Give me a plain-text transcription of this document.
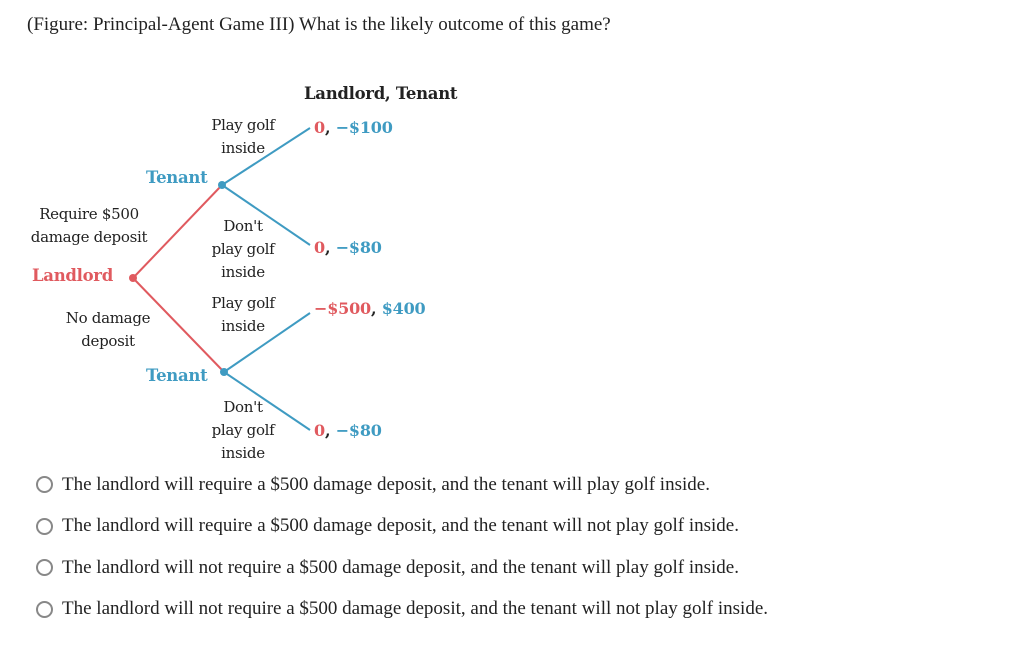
(Figure: Principal-Agent Game III) What is the likely outcome of this game?
Landlord, Tenant
Play golf
inside
0, −$100
Tenant
Require $500
damage deposit
Don't
play golf
inside
0, −$80
Landlord
Play golf
inside
−$500, $400
No damage
deposit
Tenant
Don't
play golf
inside
0, −$80
The landlord will require a $500 damage deposit, and the tenant will play golf inside.
The landlord will require a $500 damage deposit, and the tenant will not play golf inside.
The landlord will not require a $500 damage deposit, and the tenant will play golf inside.
The landlord will not require a $500 damage deposit, and the tenant will not play golf inside.
